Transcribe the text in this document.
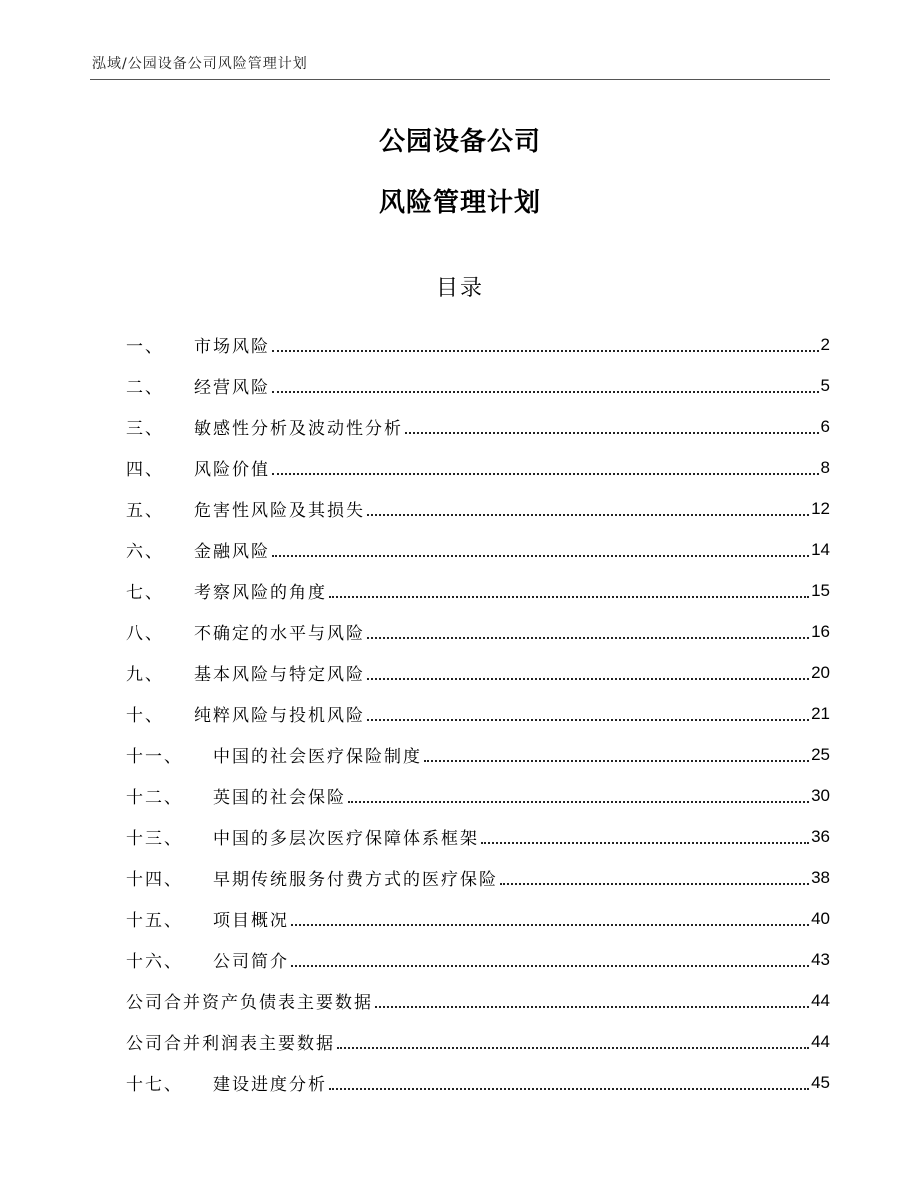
泓域/公园设备公司风险管理计划
公园设备公司
风险管理计划
目录
一、 市场风险	2
二、 经营风险	5
三、 敏感性分析及波动性分析	6
四、 风险价值	8
五、 危害性风险及其损失	12
六、 金融风险	14
七、 考察风险的角度	15
八、 不确定的水平与风险	16
九、 基本风险与特定风险	20
十、 纯粹风险与投机风险	21
十一、 中国的社会医疗保险制度	25
十二、 英国的社会保险	30
十三、 中国的多层次医疗保障体系框架	36
十四、 早期传统服务付费方式的医疗保险	38
十五、 项目概况	40
十六、 公司简介	43
公司合并资产负债表主要数据	44
公司合并利润表主要数据	44
十七、 建设进度分析	45
